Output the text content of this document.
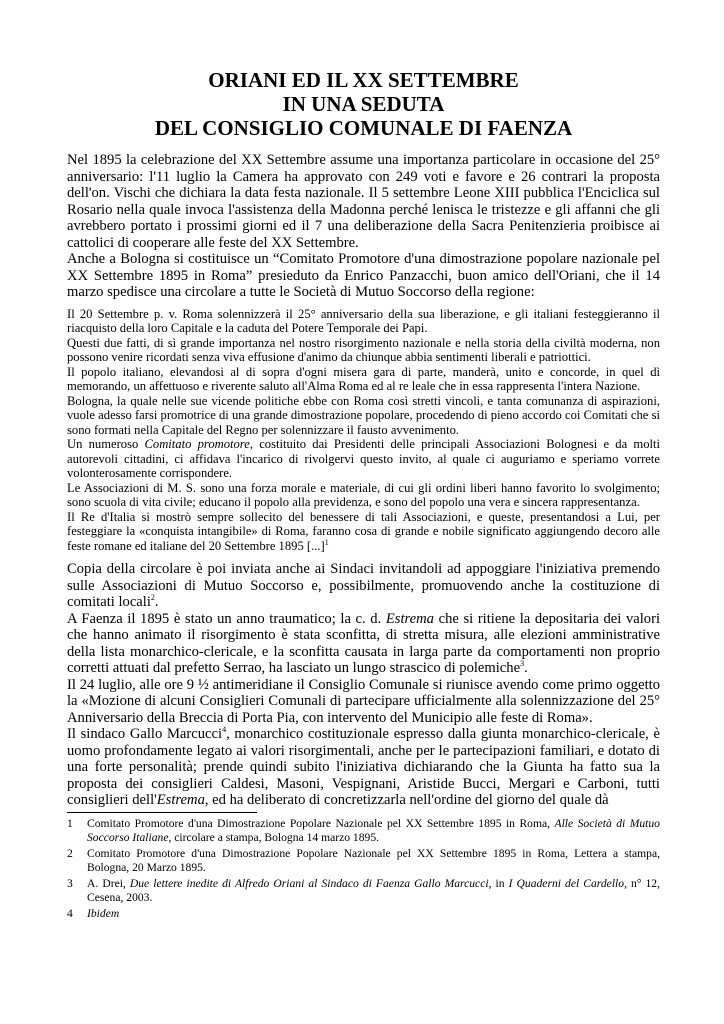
ORIANI ED IL XX SETTEMBRE
IN UNA SEDUTA
DEL CONSIGLIO COMUNALE DI FAENZA

Nel 1895 la celebrazione del XX Settembre assume una importanza particolare in occasione del 25° anniversario: l'11 luglio la Camera ha approvato con 249 voti e favore e 26 contrari la proposta dell'on. Vischi che dichiara la data festa nazionale. Il 5 settembre Leone XIII pubblica l'Enciclica sul Rosario nella quale invoca l'assistenza della Madonna perché lenisca le tristezze e gli affanni che gli avrebbero portato i prossimi giorni ed il 7 una deliberazione della Sacra Penitenzieria proibisce ai cattolici di cooperare alle feste del XX Settembre.

Anche a Bologna si costituisce un “Comitato Promotore d'una dimostrazione popolare nazionale pel XX Settembre 1895 in Roma” presieduto da Enrico Panzacchi, buon amico dell'Oriani, che il 14 marzo spedisce una circolare a tutte le Società di Mutuo Soccorso della regione:

Il 20 Settembre p. v. Roma solennizzerà il 25° anniversario della sua liberazione, e gli italiani festeggieranno il riacquisto della loro Capitale e la caduta del Potere Temporale dei Papi.

Questi due fatti, di sì grande importanza nel nostro risorgimento nazionale e nella storia della civiltà moderna, non possono venire ricordati senza viva effusione d'animo da chiunque abbia sentimenti liberali e patriottici.

Il popolo italiano, elevandosi al di sopra d'ogni misera gara di parte, manderà, unito e concorde, in quel dì memorando, un affettuoso e riverente saluto all'Alma Roma ed al re leale che in essa rappresenta l'intera Nazione.

Bologna, la quale nelle sue vicende politiche ebbe con Roma così stretti vincoli, e tanta comunanza di aspirazioni, vuole adesso farsi promotrice di una grande dimostrazione popolare, procedendo di pieno accordo coi Comitati che si sono formati nella Capitale del Regno per solennizzare il fausto avvenimento.

Un numeroso Comitato promotore, costituito dai Presidenti delle principali Associazioni Bolognesi e da molti autorevoli cittadini, ci affidava l'incarico di rivolgervi questo invito, al quale ci auguriamo e speriamo vorrete volonterosamente corrispondere.

Le Associazioni di M. S. sono una forza morale e materiale, di cui gli ordini liberi hanno favorito lo svolgimento; sono scuola di vita civile; educano il popolo alla previdenza, e sono del popolo una vera e sincera rappresentanza.

Il Re d'Italia si mostrò sempre sollecito del benessere di tali Associazioni, e queste, presentandosi a Lui, per festeggiare la «conquista intangibile» di Roma, faranno cosa di grande e nobile significato aggiungendo decoro alle feste romane ed italiane del 20 Settembre 1895 [...]$^1$

Copia della circolare è poi inviata anche ai Sindaci invitandoli ad appoggiare l'iniziativa premendo sulle Associazioni di Mutuo Soccorso e, possibilmente, promuovendo anche la costituzione di comitati locali$^2$.

A Faenza il 1895 è stato un anno traumatico; la c. d. Estrema che si ritiene la depositaria dei valori che hanno animato il risorgimento è stata sconfitta, di stretta misura, alle elezioni amministrative della lista monarchico-clericale, e la sconfitta causata in larga parte da comportamenti non proprio corretti attuati dal prefetto Serrao, ha lasciato un lungo strascico di polemiche$^3$.

Il 24 luglio, alle ore 9 ½ antimeridiane il Consiglio Comunale si riunisce avendo come primo oggetto la «Mozione di alcuni Consiglieri Comunali di partecipare ufficialmente alla solennizzazione del 25° Anniversario della Breccia di Porta Pia, con intervento del Municipio alle feste di Roma».

Il sindaco Gallo Marcucci$^4$, monarchico costituzionale espresso dalla giunta monarchico-clericale, è uomo profondamente legato ai valori risorgimentali, anche per le partecipazioni familiari, e dotato di una forte personalità; prende quindi subito l'iniziativa dichiarando che la Giunta ha fatto sua la proposta dei consiglieri Caldesi, Masoni, Vespignani, Aristide Bucci, Mergari e Carboni, tutti consiglieri dell'Estrema, ed ha deliberato di concretizzarla nell'ordine del giorno del quale dà

1	Comitato Promotore d'una Dimostrazione Popolare Nazionale pel XX Settembre 1895 in Roma, Alle Società di Mutuo Soccorso Italiane, circolare a stampa, Bologna 14 marzo 1895.
2	Comitato Promotore d'una Dimostrazione Popolare Nazionale pel XX Settembre 1895 in Roma, Lettera a stampa, Bologna, 20 Marzo 1895.
3	A. Drei, Due lettere inedite di Alfredo Oriani al Sindaco di Faenza Gallo Marcucci, in I Quaderni del Cardello, n° 12, Cesena, 2003.
4	Ibidem
